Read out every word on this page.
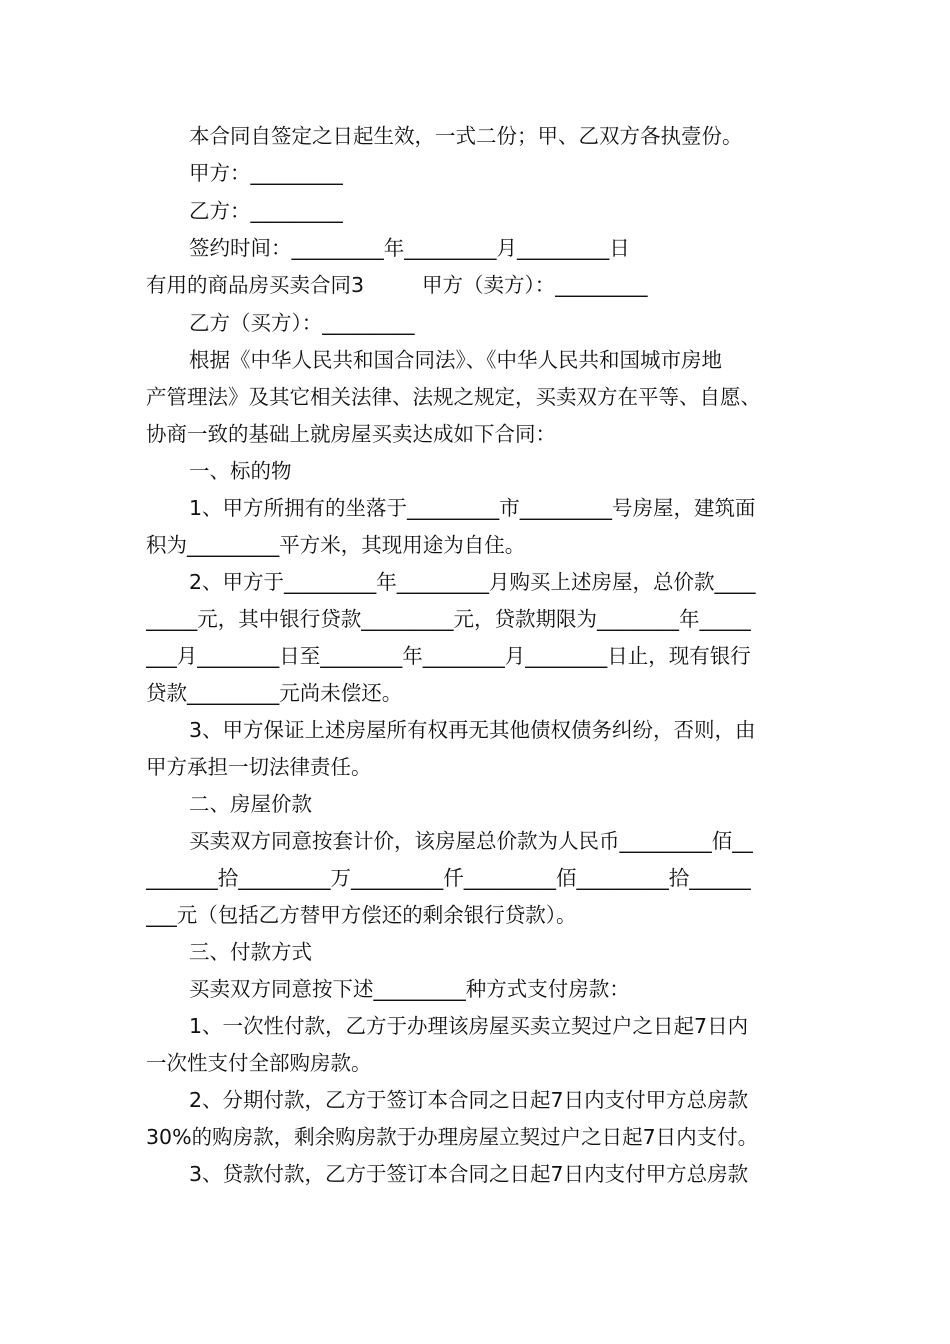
本合同自签定之日起生效，一式二份；甲、乙双方各执壹份。
甲方：_________
乙方：_________
签约时间：_________年_________月_________日
有用的商品房买卖合同3	甲方（卖方）：_________
乙方（买方）：_________
根据《中华人民共和国合同法》、《中华人民共和国城市房地
产管理法》及其它相关法律、法规之规定，买卖双方在平等、自愿、
协商一致的基础上就房屋买卖达成如下合同：
一、标的物
1、甲方所拥有的坐落于_________市_________号房屋，建筑面
积为_________平方米，其现用途为自住。
2、甲方于_________年_________月购买上述房屋，总价款____
_____元，其中银行贷款_________元，贷款期限为________年_____
___月________日至________年________月________日止，现有银行
贷款_________元尚未偿还。
3、甲方保证上述房屋所有权再无其他债权债务纠纷，否则，由
甲方承担一切法律责任。
二、房屋价款
买卖双方同意按套计价，该房屋总价款为人民币_________佰__
_______拾_________万_________仟_________佰_________拾______
___元（包括乙方替甲方偿还的剩余银行贷款）。
三、付款方式
买卖双方同意按下述_________种方式支付房款：
1、一次性付款，乙方于办理该房屋买卖立契过户之日起7日内
一次性支付全部购房款。
2、分期付款，乙方于签订本合同之日起7日内支付甲方总房款
30%的购房款，剩余购房款于办理房屋立契过户之日起7日内支付。
3、贷款付款，乙方于签订本合同之日起7日内支付甲方总房款
